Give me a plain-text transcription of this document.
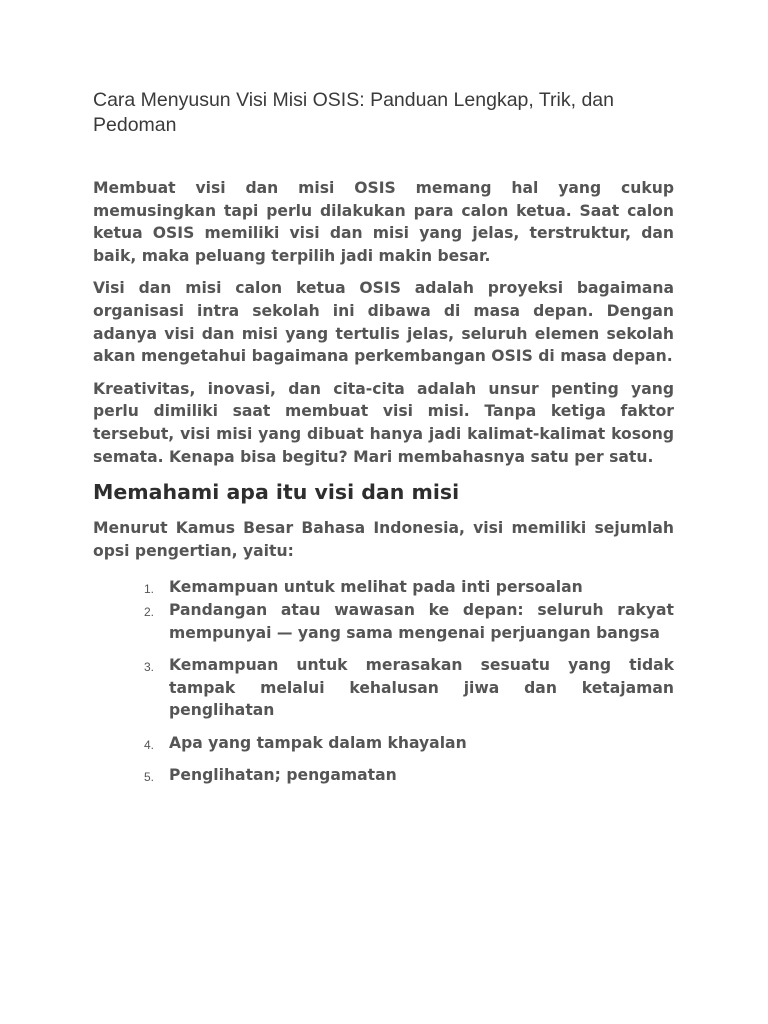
Cara Menyusun Visi Misi OSIS: Panduan Lengkap, Trik, dan Pedoman

Membuat visi dan misi OSIS memang hal yang cukup memusingkan tapi perlu dilakukan para calon ketua. Saat calon ketua OSIS memiliki visi dan misi yang jelas, terstruktur, dan baik, maka peluang terpilih jadi makin besar.

Visi dan misi calon ketua OSIS adalah proyeksi bagaimana organisasi intra sekolah ini dibawa di masa depan. Dengan adanya visi dan misi yang tertulis jelas, seluruh elemen sekolah akan mengetahui bagaimana perkembangan OSIS di masa depan.

Kreativitas, inovasi, dan cita-cita adalah unsur penting yang perlu dimiliki saat membuat visi misi. Tanpa ketiga faktor tersebut, visi misi yang dibuat hanya jadi kalimat-kalimat kosong semata. Kenapa bisa begitu? Mari membahasnya satu per satu.

Memahami apa itu visi dan misi

Menurut Kamus Besar Bahasa Indonesia, visi memiliki sejumlah opsi pengertian, yaitu:

1. Kemampuan untuk melihat pada inti persoalan
2. Pandangan atau wawasan ke depan: seluruh rakyat mempunyai — yang sama mengenai perjuangan bangsa
3. Kemampuan untuk merasakan sesuatu yang tidak tampak melalui kehalusan jiwa dan ketajaman penglihatan
4. Apa yang tampak dalam khayalan
5. Penglihatan; pengamatan
